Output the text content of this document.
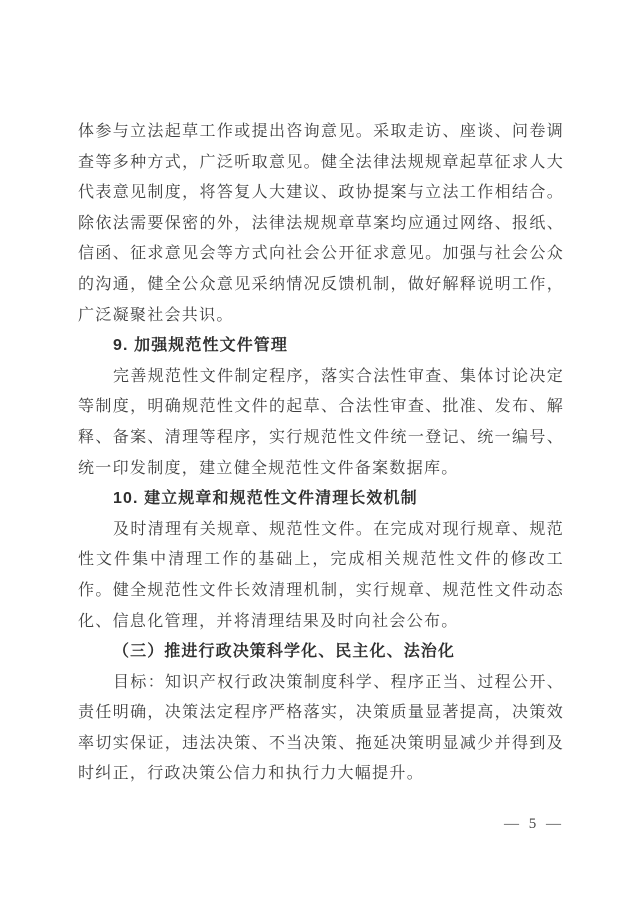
体参与立法起草工作或提出咨询意见。采取走访、座谈、问卷调
查等多种方式，广泛听取意见。健全法律法规规章起草征求人大
代表意见制度，将答复人大建议、政协提案与立法工作相结合。
除依法需要保密的外，法律法规规章草案均应通过网络、报纸、
信函、征求意见会等方式向社会公开征求意见。加强与社会公众
的沟通，健全公众意见采纳情况反馈机制，做好解释说明工作，
广泛凝聚社会共识。
9. 加强规范性文件管理
完善规范性文件制定程序，落实合法性审查、集体讨论决定
等制度，明确规范性文件的起草、合法性审查、批准、发布、解
释、备案、清理等程序，实行规范性文件统一登记、统一编号、
统一印发制度，建立健全规范性文件备案数据库。
10. 建立规章和规范性文件清理长效机制
及时清理有关规章、规范性文件。在完成对现行规章、规范
性文件集中清理工作的基础上，完成相关规范性文件的修改工
作。健全规范性文件长效清理机制，实行规章、规范性文件动态
化、信息化管理，并将清理结果及时向社会公布。
（三）推进行政决策科学化、民主化、法治化
目标：知识产权行政决策制度科学、程序正当、过程公开、
责任明确，决策法定程序严格落实，决策质量显著提高，决策效
率切实保证，违法决策、不当决策、拖延决策明显减少并得到及
时纠正，行政决策公信力和执行力大幅提升。
— 5 —
